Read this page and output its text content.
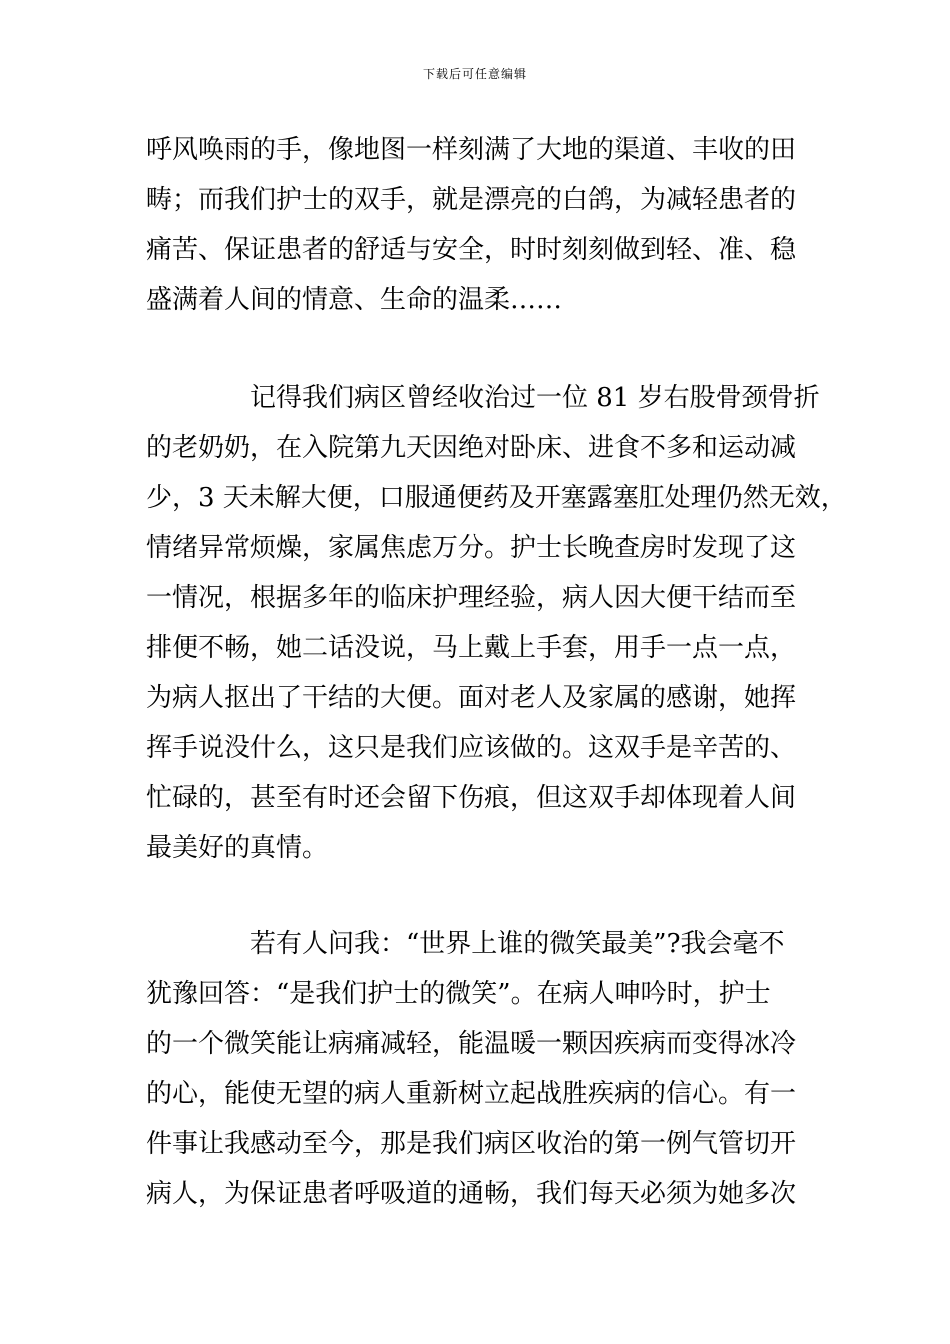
下载后可任意编辑
呼风唤雨的手，像地图一样刻满了大地的渠道、丰收的田
畴；而我们护士的双手，就是漂亮的白鸽，为减轻患者的
痛苦、保证患者的舒适与安全，时时刻刻做到轻、准、稳
盛满着人间的情意、生命的温柔……
记得我们病区曾经收治过一位 81 岁右股骨颈骨折
的老奶奶，在入院第九天因绝对卧床、进食不多和运动减
少，3 天未解大便，口服通便药及开塞露塞肛处理仍然无效，
情绪异常烦燥，家属焦虑万分。护士长晚查房时发现了这
一情况，根据多年的临床护理经验，病人因大便干结而至
排便不畅，她二话没说，马上戴上手套，用手一点一点，
为病人抠出了干结的大便。面对老人及家属的感谢，她挥
挥手说没什么，这只是我们应该做的。这双手是辛苦的、
忙碌的，甚至有时还会留下伤痕，但这双手却体现着人间
最美好的真情。
若有人问我：“世界上谁的微笑最美”?我会毫不
犹豫回答：“是我们护士的微笑”。在病人呻吟时，护士
的一个微笑能让病痛减轻，能温暖一颗因疾病而变得冰冷
的心，能使无望的病人重新树立起战胜疾病的信心。有一
件事让我感动至今，那是我们病区收治的第一例气管切开
病人，为保证患者呼吸道的通畅，我们每天必须为她多次
